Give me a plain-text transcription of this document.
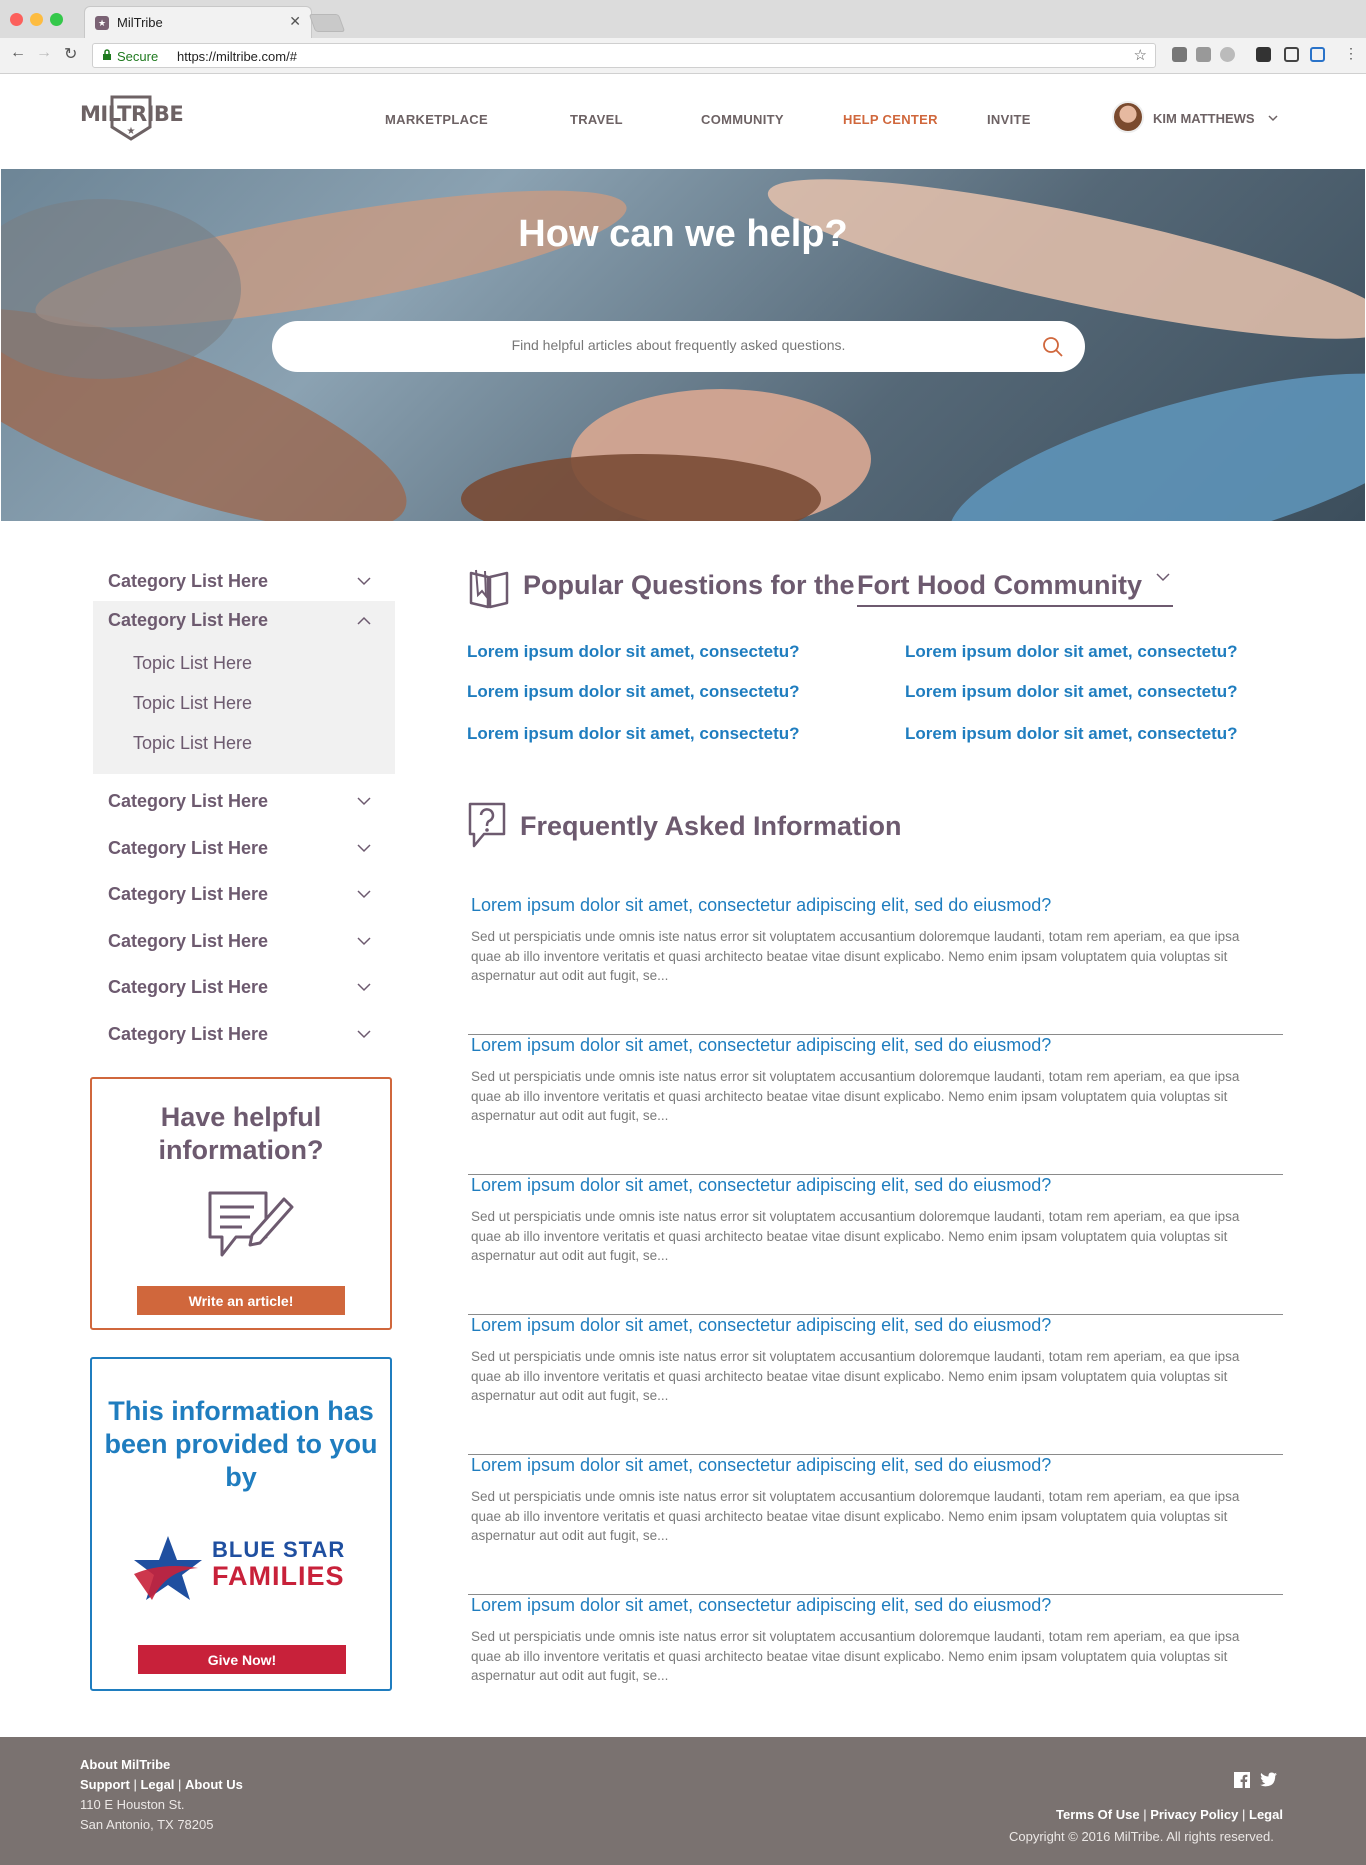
★ MilTribe	✕
← → ↻	Secure https://miltribe.com/#	☆	⋮
★
MILTRIBE	MARKETPLACE	TRAVEL	COMMUNITY	HELP CENTER	INVITE	KIM MATTHEWS
How can we help?
Find helpful articles about frequently asked questions.
Category List Here
Category List Here
Topic List Here
Topic List Here
Topic List Here
Category List Here
Category List Here
Category List Here
Category List Here
Category List Here
Category List Here
Have helpful information?
Write an article!
This information has been provided to you by
BLUE STAR
FAMILIES
Give Now!
Popular Questions for the Fort Hood Community
Lorem ipsum dolor sit amet, consectetu?	Lorem ipsum dolor sit amet, consectetu?
Lorem ipsum dolor sit amet, consectetu?	Lorem ipsum dolor sit amet, consectetu?
Lorem ipsum dolor sit amet, consectetu?	Lorem ipsum dolor sit amet, consectetu?
Frequently Asked Information
Lorem ipsum dolor sit amet, consectetur adipiscing elit, sed do eiusmod?

Sed ut perspiciatis unde omnis iste natus error sit voluptatem accusantium doloremque laudanti, totam rem aperiam, ea que ipsa quae ab illo inventore veritatis et quasi architecto beatae vitae disunt explicabo. Nemo enim ipsam voluptatem quia voluptas sit aspernatur aut odit aut fugit, se...

Lorem ipsum dolor sit amet, consectetur adipiscing elit, sed do eiusmod?

Sed ut perspiciatis unde omnis iste natus error sit voluptatem accusantium doloremque laudanti, totam rem aperiam, ea que ipsa quae ab illo inventore veritatis et quasi architecto beatae vitae disunt explicabo. Nemo enim ipsam voluptatem quia voluptas sit aspernatur aut odit aut fugit, se...

Lorem ipsum dolor sit amet, consectetur adipiscing elit, sed do eiusmod?

Sed ut perspiciatis unde omnis iste natus error sit voluptatem accusantium doloremque laudanti, totam rem aperiam, ea que ipsa quae ab illo inventore veritatis et quasi architecto beatae vitae disunt explicabo. Nemo enim ipsam voluptatem quia voluptas sit aspernatur aut odit aut fugit, se...

Lorem ipsum dolor sit amet, consectetur adipiscing elit, sed do eiusmod?

Sed ut perspiciatis unde omnis iste natus error sit voluptatem accusantium doloremque laudanti, totam rem aperiam, ea que ipsa quae ab illo inventore veritatis et quasi architecto beatae vitae disunt explicabo. Nemo enim ipsam voluptatem quia voluptas sit aspernatur aut odit aut fugit, se...

Lorem ipsum dolor sit amet, consectetur adipiscing elit, sed do eiusmod?

Sed ut perspiciatis unde omnis iste natus error sit voluptatem accusantium doloremque laudanti, totam rem aperiam, ea que ipsa quae ab illo inventore veritatis et quasi architecto beatae vitae disunt explicabo. Nemo enim ipsam voluptatem quia voluptas sit aspernatur aut odit aut fugit, se...

Lorem ipsum dolor sit amet, consectetur adipiscing elit, sed do eiusmod?

Sed ut perspiciatis unde omnis iste natus error sit voluptatem accusantium doloremque laudanti, totam rem aperiam, ea que ipsa quae ab illo inventore veritatis et quasi architecto beatae vitae disunt explicabo. Nemo enim ipsam voluptatem quia voluptas sit aspernatur aut odit aut fugit, se...

About MilTribe
Support | Legal | About Us
110 E Houston St.
San Antonio, TX 78205
Terms Of Use | Privacy Policy | Legal
Copyright © 2016 MilTribe. All rights reserved.
